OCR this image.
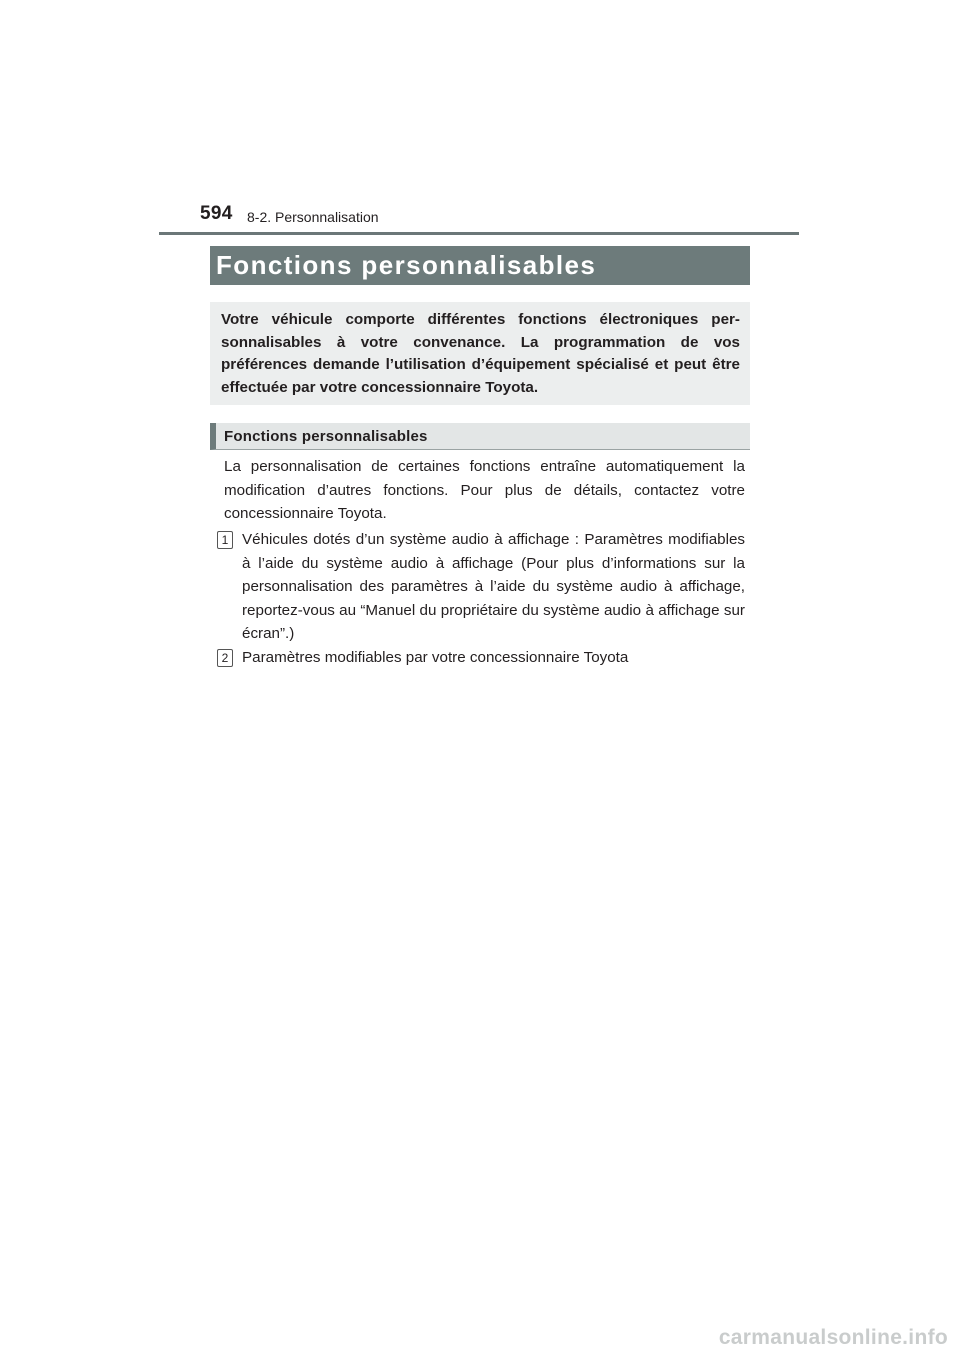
594 8-2. Personnalisation
Fonctions personnalisables

Votre véhicule comporte différentes fonctions électroniques per-sonnalisables à votre convenance. La programmation de vos préférences demande l’utilisation d’équipement spécialisé et peut être effectuée par votre concessionnaire Toyota.

Fonctions personnalisables

La personnalisation de certaines fonctions entraîne automatiquement la modification d’autres fonctions. Pour plus de détails, contactez votre concessionnaire Toyota.

1 Véhicules dotés d’un système audio à affichage : Paramètres modifiables à l’aide du système audio à affichage (Pour plus d’informations sur la personnalisation des paramètres à l’aide du système audio à affichage, reportez-vous au “Manuel du propriétaire du système audio à affichage sur écran”.)

2 Paramètres modifiables par votre concessionnaire Toyota

carmanualsonline.info
